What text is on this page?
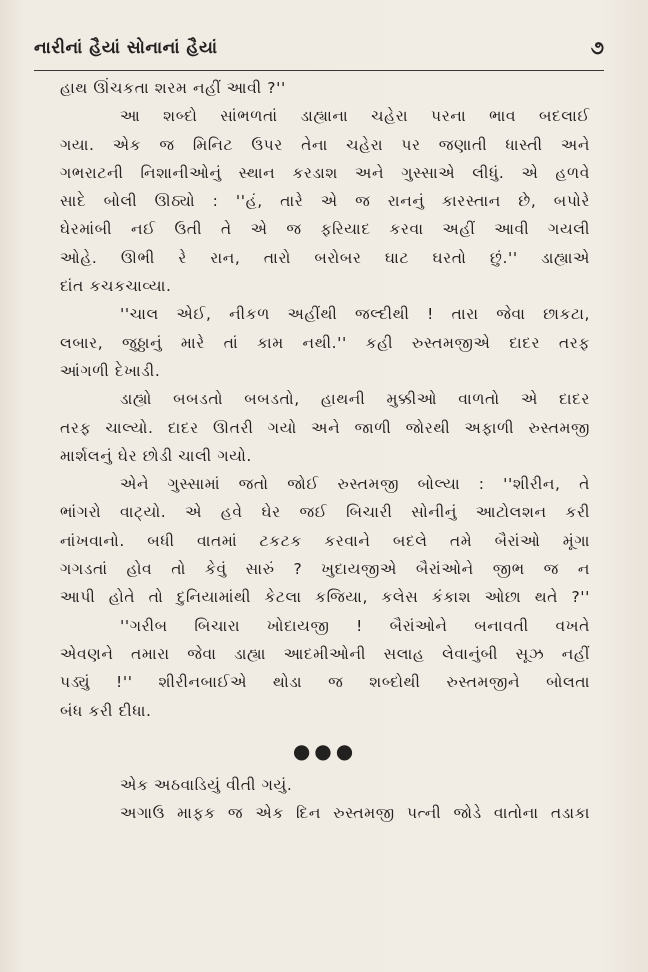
નારીનાં હૈયાં સોનાનાં હૈયાં	૭

હાથ ઊંચકતા શરમ નહીં આવી ?''

આ શબ્દો સાંભળતાં ડાહ્યાના ચહેરા પરના ભાવ બદલાઈ

ગયા. એક જ મિનિટ ઉપર તેના ચહેરા પર જણાતી ધાસ્તી અને

ગભરાટની નિશાનીઓનું સ્થાન કરડાશ અને ગુસ્સાએ લીધું. એ હળવે

સાદે બોલી ઊઠ્યો : ''હં, તારે એ જ રાનનું કારસ્તાન છે, બપોરે

ઘેરમાંબી નઈ ઉતી તે એ જ ફરિયાદ કરવા અહીં આવી ગયલી

ઓહે. ઊભી રે રાન, તારો બરોબર ઘાટ ઘરતો છું.'' ડાહ્યાએ

દાંત કચકચાવ્યા.

''ચાલ એઈ, નીકળ અહીંથી જલ્દીથી ! તારા જેવા છાકટા,

લબાર, જુઠ્ઠાનું મારે તાં કામ નથી.'' કહી રુસ્તમજીએ દાદર તરફ

આંગળી દેખાડી.

ડાહ્યો બબડતો બબડતો, હાથની મુક્કીઓ વાળતો એ દાદર

તરફ ચાલ્યો. દાદર ઊતરી ગયો અને જાળી જોરથી અફાળી રુસ્તમજી

માર્શલનું ઘેર છોડી ચાલી ગયો.

એને ગુસ્સામાં જતો જોઈ રુસ્તમજી બોલ્યા : ''શીરીન, તે

ભાંગરો વાટ્યો. એ હવે ઘેર જઈ બિચારી સોનીનું આટોલશન કરી

નાંખવાનો. બધી વાતમાં ટકટક કરવાને બદલે તમે બૈરાંઓ મૂંગા

ગગડતાં હોવ તો કેવું સારું ? ખુદાયજીએ બૈરાંઓને જીભ જ ન

આપી હોતે તો દુનિયામાંથી કેટલા કજિયા, કલેસ કંકાશ ઓછા થતે ?''

''ગરીબ બિચારા ખોદાયજી ! બૈરાંઓને બનાવતી વખતે

એવણને તમારા જેવા ડાહ્યા આદમીઓની સલાહ લેવાનુંબી સૂઝ નહીં

પડ્યું !'' શીરીનબાઈએ થોડા જ શબ્દોથી રુસ્તમજીને બોલતા

બંધ કરી દીધા.

●●●

એક અઠવાડિયું વીતી ગયું.

અગાઉ માફક જ એક દિન રુસ્તમજી પત્ની જોડે વાતોના તડાકા
